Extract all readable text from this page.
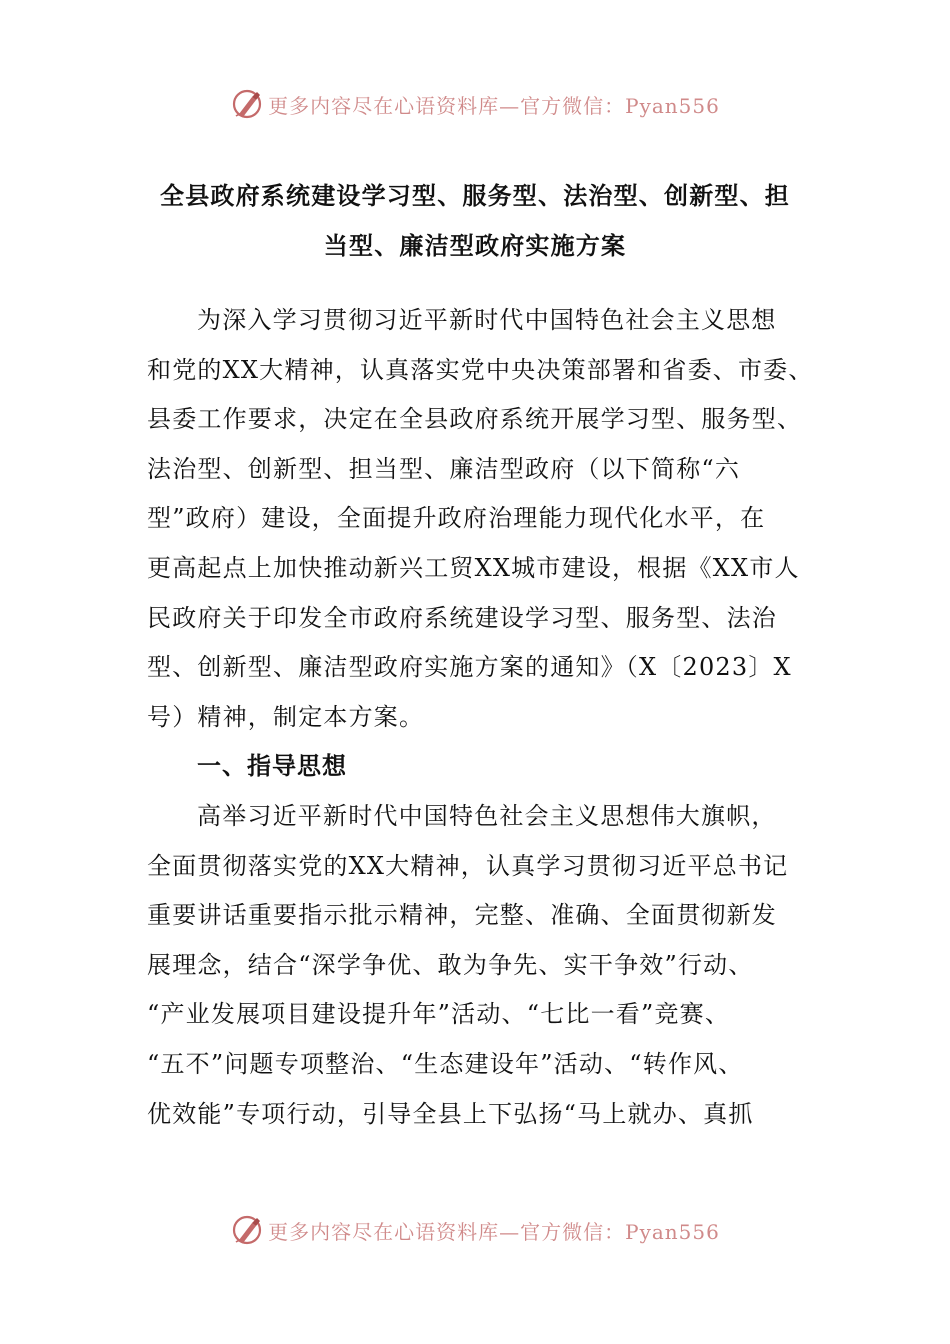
更多内容尽在心语资料库—官方微信：Pyan556
全县政府系统建设学习型、服务型、法治型、创新型、担
当型、廉洁型政府实施方案
为深入学习贯彻习近平新时代中国特色社会主义思想
和党的XX大精神，认真落实党中央决策部署和省委、市委、
县委工作要求，决定在全县政府系统开展学习型、服务型、
法治型、创新型、担当型、廉洁型政府（以下简称“六
型”政府）建设，全面提升政府治理能力现代化水平，在
更高起点上加快推动新兴工贸XX城市建设，根据《XX市人
民政府关于印发全市政府系统建设学习型、服务型、法治
型、创新型、廉洁型政府实施方案的通知》（X〔2023〕X
号）精神，制定本方案。
一、指导思想
高举习近平新时代中国特色社会主义思想伟大旗帜，
全面贯彻落实党的XX大精神，认真学习贯彻习近平总书记
重要讲话重要指示批示精神，完整、准确、全面贯彻新发
展理念，结合“深学争优、敢为争先、实干争效”行动、
“产业发展项目建设提升年”活动、“七比一看”竞赛、
“五不”问题专项整治、“生态建设年”活动、“转作风、
优效能”专项行动，引导全县上下弘扬“马上就办、真抓
更多内容尽在心语资料库—官方微信：Pyan556
